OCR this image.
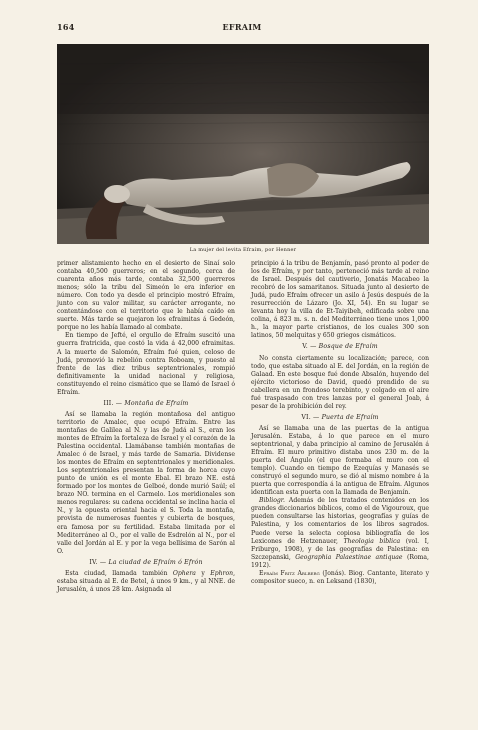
164	EFRAIM
La mujer del levita Efraím, por Henner

primer alistamiento hecho en el desierto de Sinaí solo contaba 40,500 guerreros; en el segundo, cerca de cuarenta años más tarde, contaba 32,500 guerreros menos; sólo la tribu del Simeón le era inferior en número. Con todo ya desde el principio mostró Efraím, junto con su valor militar, su carácter arrogante, no contentándose con el territorio que le había caído en suerte. Más tarde se quejaron los efraimitas á Gedeón, porque no les había llamado al combate.

En tiempo de Jefté, el orgullo de Efraím suscitó una guerra fratricida, que costó la vida á 42,000 efraimitas. A la muerte de Salomón, Efraím fué quien, celoso de Judá, promovió la rebelión contra Roboam, y puesto al frente de las diez tribus septentrionales, rompió definitivamente la unidad nacional y religiosa, constituyendo el reino cismático que se llamó de Israel ó Efraím.

III. — Montaña de Efraím

Así se llamaba la región montañosa del antiguo territorio de Amalec, que ocupó Efraím. Entre las montañas de Galilea al N. y las de Judá al S., eran los montes de Efraím la fortaleza de Israel y el corazón de la Palestina occidental. Llamábanse también montañas de Amalec ó de Israel, y más tarde de Samaria. Dividense los montes de Efraím en septentrionales y meridionales. Los septentrionales presentan la forma de horca cuyo punto de unión es el monte Ebal. El brazo NE. está formado por los montes de Gelboé, donde murió Saúl; el brazo NO. termina en el Carmelo. Los meridionales son menos regulares: su cadena occidental se inclina hacia el N., y la opuesta oriental hacia el S. Toda la montaña, provista de numerosas fuentes y cubierta de bosques, era famosa por su fertilidad. Estaba limitada por el Mediterráneo al O., por el valle de Esdrelón al N., por el valle del Jordán al E. y por la vega bellísima de Sarón al O.

IV. — La ciudad de Efraím ó Efrón

Esta ciudad, llamada también Ophera y Ephron, estaba situada al E. de Betel, á unos 9 km., y al NNE. de Jerusalén, á unos 28 km. Asignada al

principio á la tribu de Benjamín, pasó pronto al poder de los de Efraím, y por tanto, perteneció más tarde al reino de Israel. Después del cautiverio, Jonatás Macabeo la recobró de los samaritanos. Situada junto al desierto de Judá, pudo Efraím ofrecer un asilo á Jesús después de la resurrección de Lázaro (Jo. XI, 54). En su lugar se levanta hoy la villa de Et-Taiyibeh, edificada sobre una colina, á 823 m. s. n. del Mediterráneo tiene unos 1,000 h., la mayor parte cristianos, de los cuales 300 son latinos, 50 melquitas y 650 griegos cismáticos.

V. — Bosque de Efraím

No consta ciertamente su localización; parece, con todo, que estaba situado al E. del Jordán, en la región de Galaad. En este bosque fué donde Absalón, huyendo del ejército victorioso de David, quedó prendido de su cabellera en un frondoso terebinto, y colgado en el aire fué traspasado con tres lanzas por el general Joab, á pesar de la prohibición del rey.

VI. — Puerta de Efraím

Así se llamaba una de las puertas de la antigua Jerusalén. Estaba, á lo que parece en el muro septentrional, y daba principio al camino de Jerusalén á Efraím. El muro primitivo distaba unos 230 m. de la puerta del Ángulo (el que formaba el muro con el templo). Cuando en tiempo de Ezequías y Manasés se construyó el segundo muro, se dió al mismo nombre á la puerta que correspondía á la antigua de Efraím. Algunos identifican esta puerta con la llamada de Benjamín.

Bibliogr. Además de los tratados contenidos en los grandes diccionarios bíblicos, como el de Vigouroux, que pueden consultarse las historias, geografías y guías de Palestina, y los comentarios de los libros sagrados. Puede verse la selecta copiosa bibliografía de los Lexicones de Hetzenauer, Theologia biblica (vol. I, Friburgo, 1908), y de las geografías de Palestina: en Szczepanski, Geographia Palaestinae antiquae (Roma, 1912).

Efraím Fritz Arlberg (Jonás). Biog. Cantante, literato y compositor sueco, n. en Leksand (1830),
